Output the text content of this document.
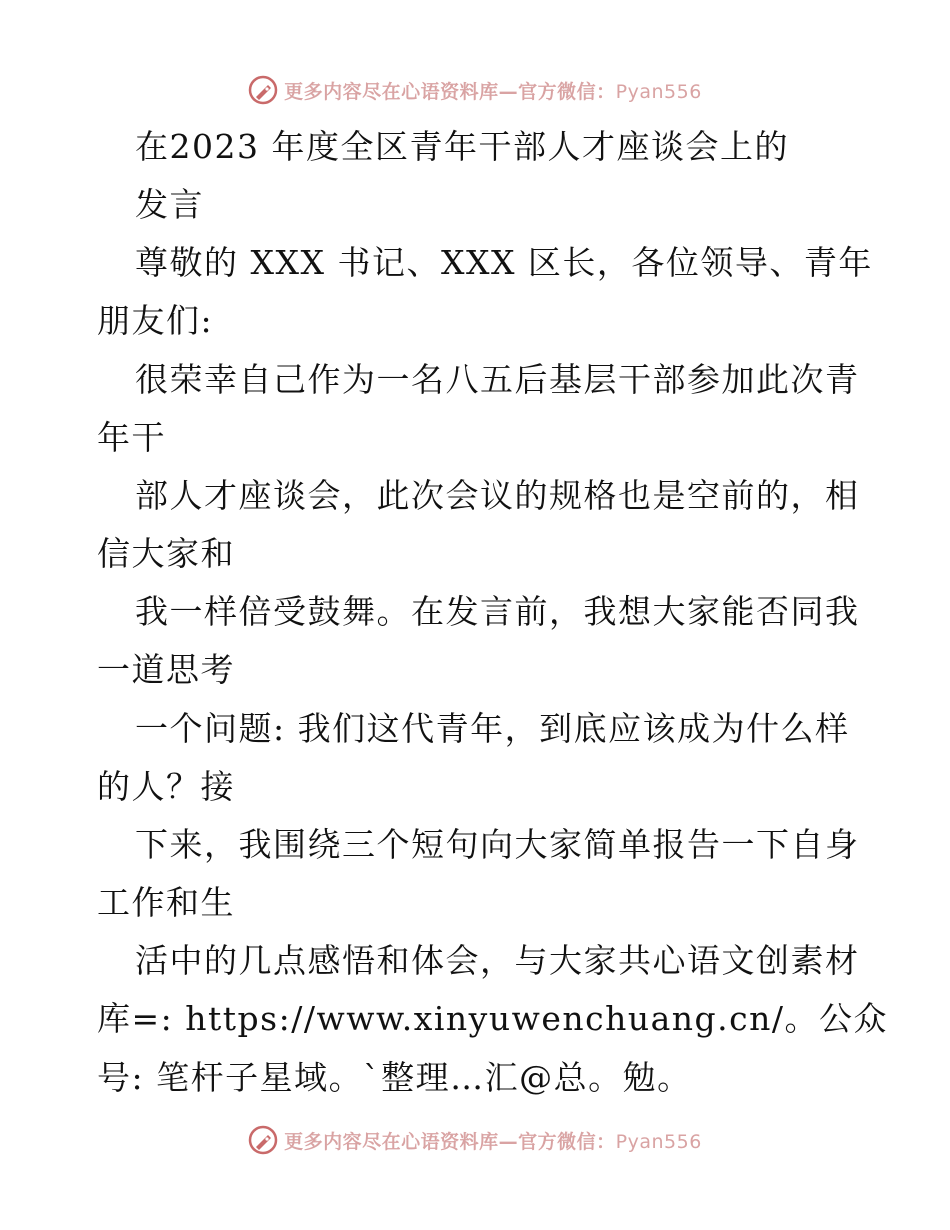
更多内容尽在心语资料库—官方微信：Pyan556
在2023 年度全区青年干部人才座谈会上的
发言
尊敬的 XXX 书记、XXX 区长，各位领导、青年
朋友们:
很荣幸自己作为一名八五后基层干部参加此次青
年干
部人才座谈会，此次会议的规格也是空前的，相
信大家和
我一样倍受鼓舞。在发言前，我想大家能否同我
一道思考
一个问题: 我们这代青年，到底应该成为什么样
的人？接
下来，我围绕三个短句向大家简单报告一下自身
工作和生
活中的几点感悟和体会，与大家共心语文创素材
库=: https://www.xinyuwenchuang.cn/。公众
号: 笔杆子星域。`整理…汇@总。勉。
更多内容尽在心语资料库—官方微信：Pyan556
